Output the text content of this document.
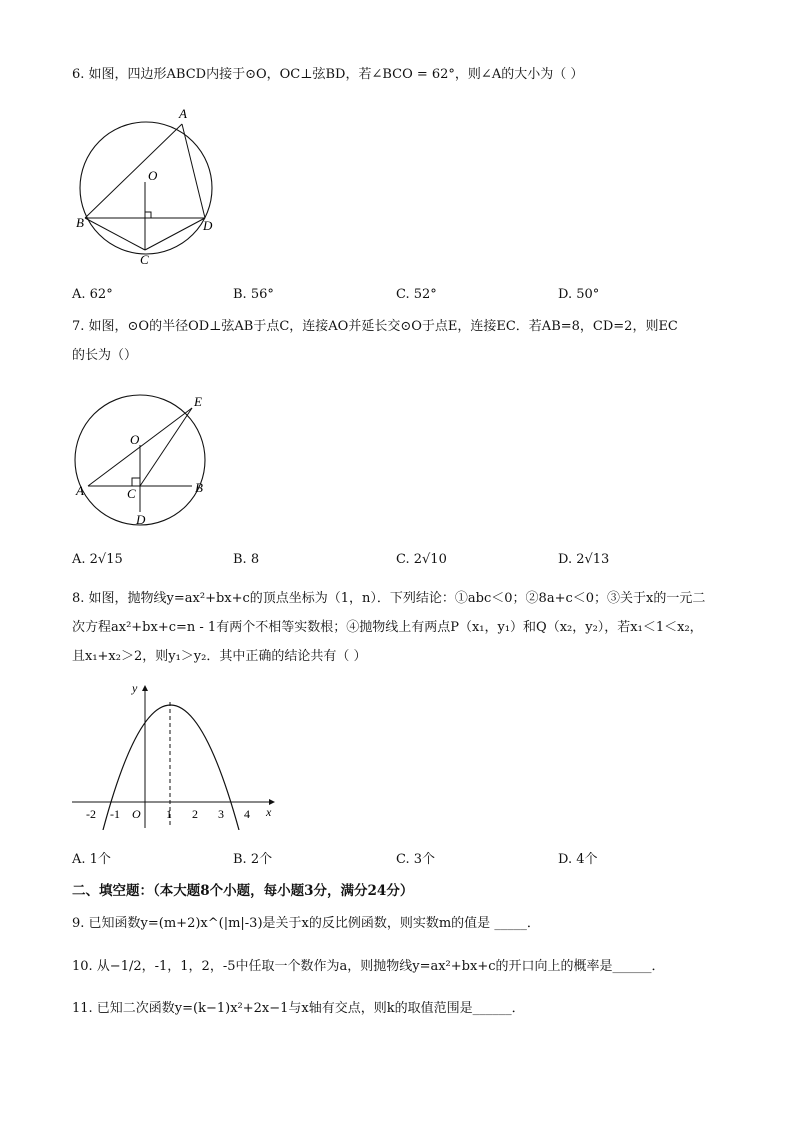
6. 如图，四边形ABCD内接于⊙O，OC⊥弦BD，若∠BCO = 62°，则∠A的大小为（ ）
A
O
B	D
C
A. 62°	B. 56°	C. 52°	D. 50°
7. 如图，⊙O的半径OD⊥弦AB于点C，连接AO并延长交⊙O于点E，连接EC．若AB=8，CD=2，则EC
的长为（）
E
O
A	C	B
D
A. 2√15	B. 8	C. 2√10	D. 2√13
8. 如图，抛物线y=ax²+bx+c的顶点坐标为（1，n）．下列结论：①abc＜0；②8a+c＜0；③关于x的一元二
次方程ax²+bx+c=n - 1有两个不相等实数根；④抛物线上有两点P（x₁，y₁）和Q（x₂，y₂），若x₁＜1＜x₂，
且x₁+x₂＞2，则y₁＞y₂．其中正确的结论共有（ ）
y
x
O
-2 -1	1 2 3 4
A. 1个	B. 2个	C. 3个	D. 4个
二、填空题：（本大题8个小题，每小题3分，满分24分）
9. 已知函数y=(m+2)x^(|m|-3)是关于x的反比例函数，则实数m的值是 _____．
10. 从−1/2，-1，1，2，-5中任取一个数作为a，则抛物线y=ax²+bx+c的开口向上的概率是______．
11. 已知二次函数y=(k−1)x²+2x−1与x轴有交点，则k的取值范围是______．
